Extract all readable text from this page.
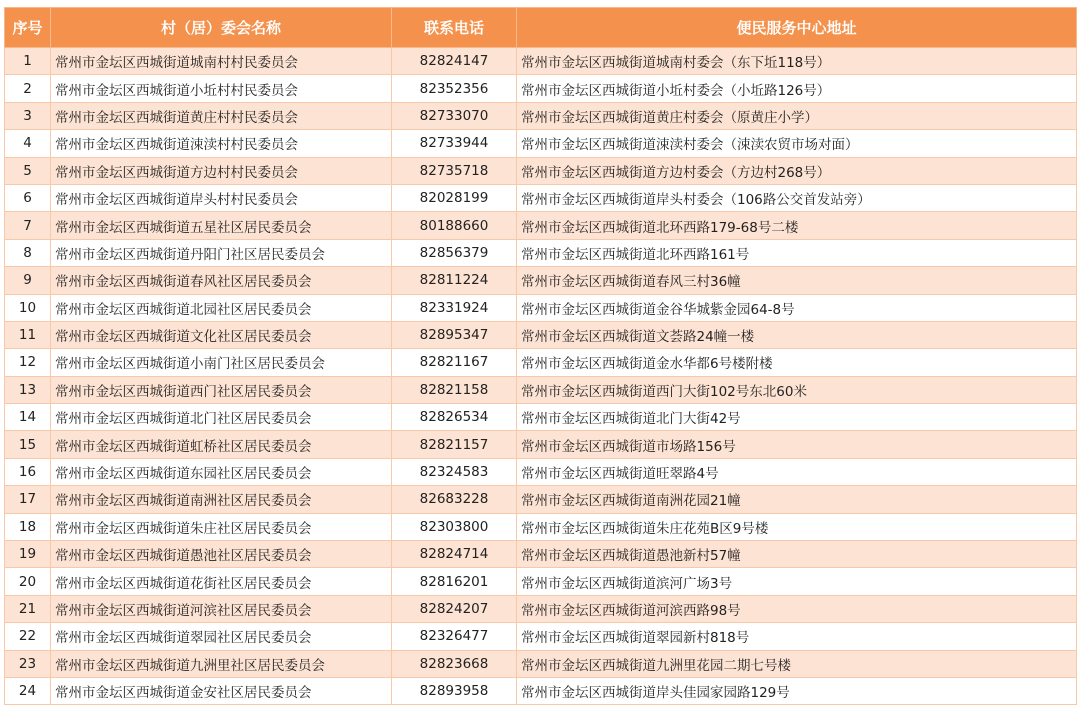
序号	村（居）委会名称	联系电话	便民服务中心地址
1	常州市金坛区西城街道城南村村民委员会	82824147	常州市金坛区西城街道城南村委会（东下坵118号）
2	常州市金坛区西城街道小坵村村民委员会	82352356	常州市金坛区西城街道小坵村委会（小坵路126号）
3	常州市金坛区西城街道黄庄村村民委员会	82733070	常州市金坛区西城街道黄庄村委会（原黄庄小学）
4	常州市金坛区西城街道涑渎村村民委员会	82733944	常州市金坛区西城街道涑渎村委会（涑渎农贸市场对面）
5	常州市金坛区西城街道方边村村民委员会	82735718	常州市金坛区西城街道方边村委会（方边村268号）
6	常州市金坛区西城街道岸头村村民委员会	82028199	常州市金坛区西城街道岸头村委会（106路公交首发站旁）
7	常州市金坛区西城街道五星社区居民委员会	80188660	常州市金坛区西城街道北环西路179-68号二楼
8	常州市金坛区西城街道丹阳门社区居民委员会	82856379	常州市金坛区西城街道北环西路161号
9	常州市金坛区西城街道春风社区居民委员会	82811224	常州市金坛区西城街道春风三村36幢
10	常州市金坛区西城街道北园社区居民委员会	82331924	常州市金坛区西城街道金谷华城紫金园64-8号
11	常州市金坛区西城街道文化社区居民委员会	82895347	常州市金坛区西城街道文荟路24幢一楼
12	常州市金坛区西城街道小南门社区居民委员会	82821167	常州市金坛区西城街道金水华都6号楼附楼
13	常州市金坛区西城街道西门社区居民委员会	82821158	常州市金坛区西城街道西门大街102号东北60米
14	常州市金坛区西城街道北门社区居民委员会	82826534	常州市金坛区西城街道北门大街42号
15	常州市金坛区西城街道虹桥社区居民委员会	82821157	常州市金坛区西城街道市场路156号
16	常州市金坛区西城街道东园社区居民委员会	82324583	常州市金坛区西城街道旺翠路4号
17	常州市金坛区西城街道南洲社区居民委员会	82683228	常州市金坛区西城街道南洲花园21幢
18	常州市金坛区西城街道朱庄社区居民委员会	82303800	常州市金坛区西城街道朱庄花苑B区9号楼
19	常州市金坛区西城街道愚池社区居民委员会	82824714	常州市金坛区西城街道愚池新村57幢
20	常州市金坛区西城街道花街社区居民委员会	82816201	常州市金坛区西城街道滨河广场3号
21	常州市金坛区西城街道河滨社区居民委员会	82824207	常州市金坛区西城街道河滨西路98号
22	常州市金坛区西城街道翠园社区居民委员会	82326477	常州市金坛区西城街道翠园新村818号
23	常州市金坛区西城街道九洲里社区居民委员会	82823668	常州市金坛区西城街道九洲里花园二期七号楼
24	常州市金坛区西城街道金安社区居民委员会	82893958	常州市金坛区西城街道岸头佳园家园路129号
